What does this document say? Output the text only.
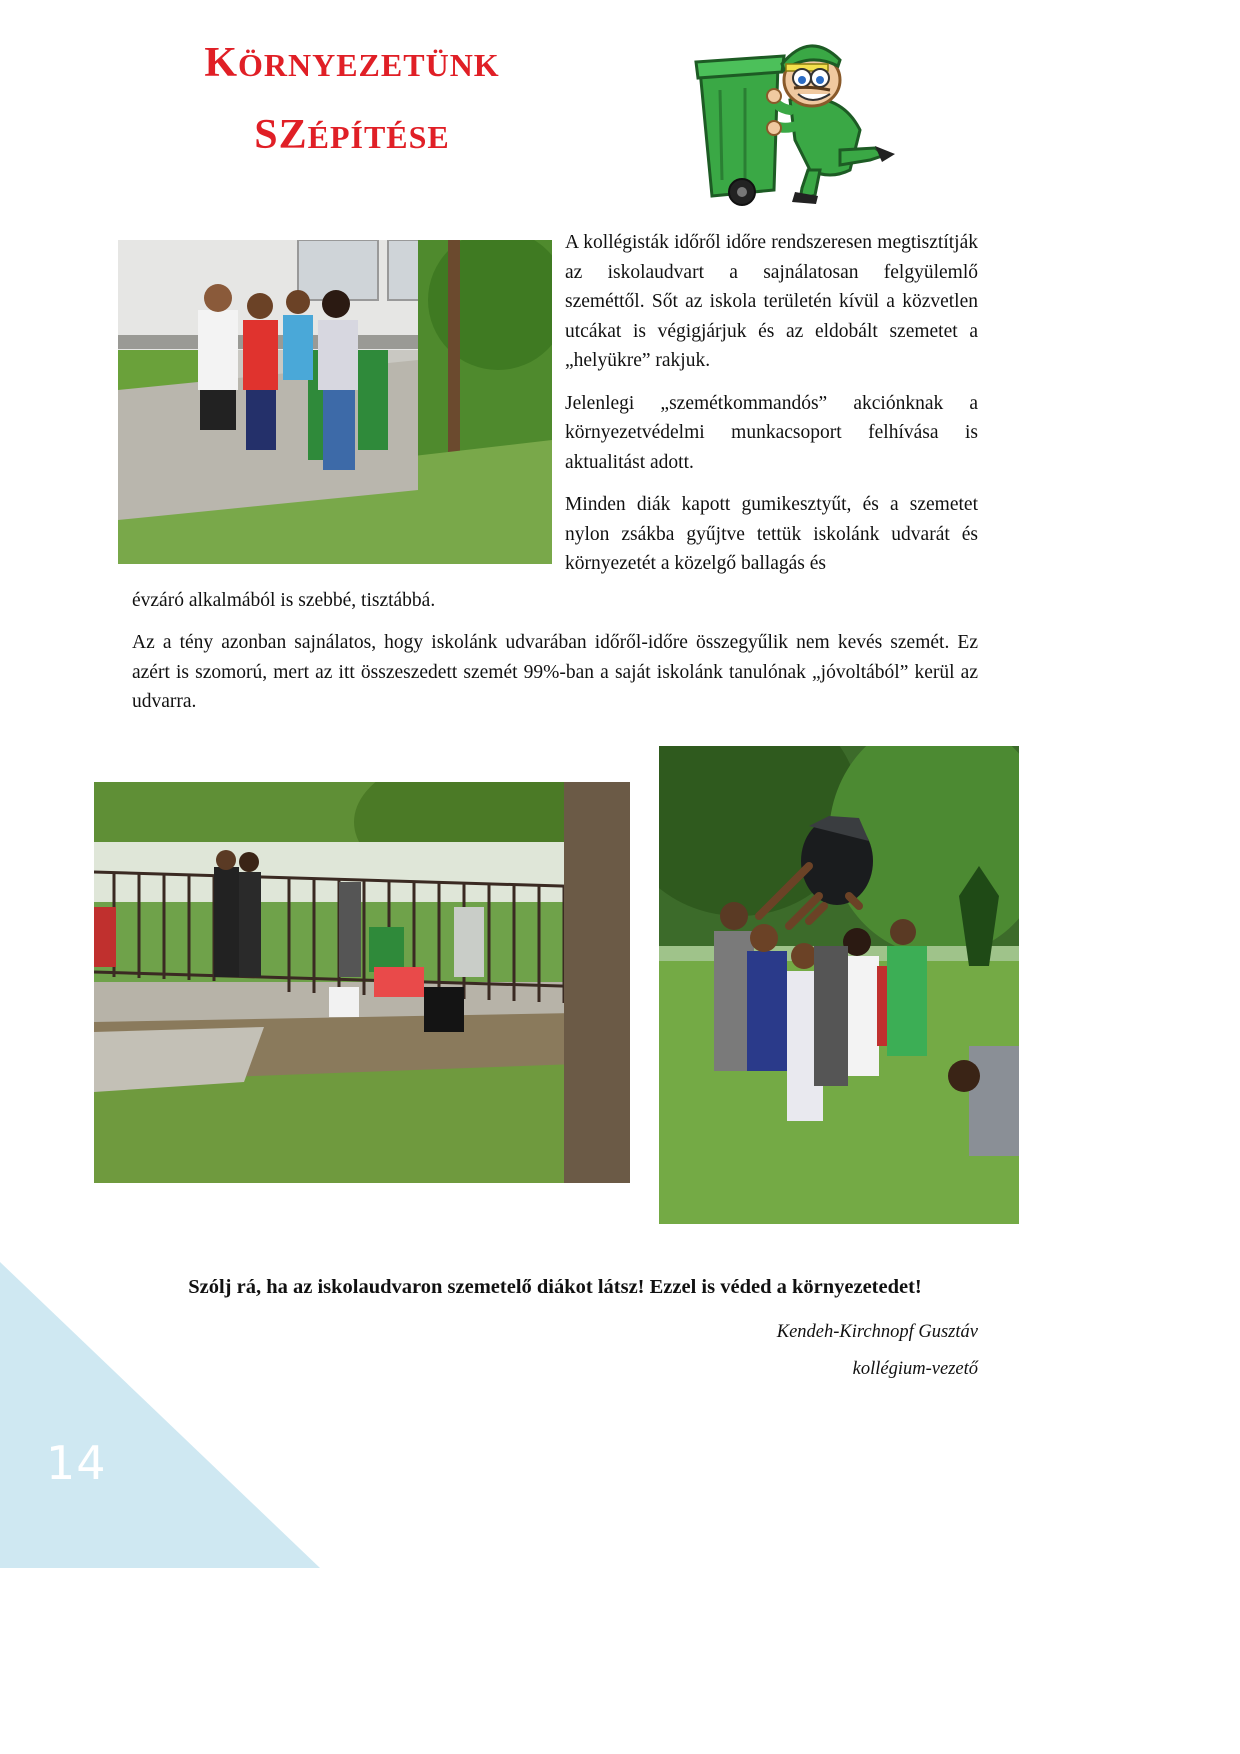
KÖRNYEZETÜNK
SZÉPÍTÉSE

A kollégisták időről időre rendszeresen megtisztítják az iskolaudvart a sajnálatosan felgyülemlő szeméttől. Sőt az iskola területén kívül a közvetlen utcákat is végigjárjuk és az eldobált szemetet a „helyükre” rakjuk.

Jelenlegi „szemétkommandós” akciónknak a környezetvédelmi munkacsoport felhívása is aktualitást adott.

Minden diák kapott gumikesztyűt, és a szemetet nylon zsákba gyűjtve tettük iskolánk udvarát és környezetét a közelgő ballagás és

évzáró alkalmából is szebbé, tisztábbá.
Az a tény azonban sajnálatos, hogy iskolánk udvarában időről-időre összegyűlik nem kevés szemét. Ez azért is szomorú, mert az itt összeszedett szemét 99%-ban a saját iskolánk tanulónak „jóvoltából” kerül az udvarra.
Szólj rá, ha az iskolaudvaron szemetelő diákot látsz! Ezzel is véded a környezetedet!
Kendeh-Kirchnopf Gusztáv
kollégium-vezető
14
